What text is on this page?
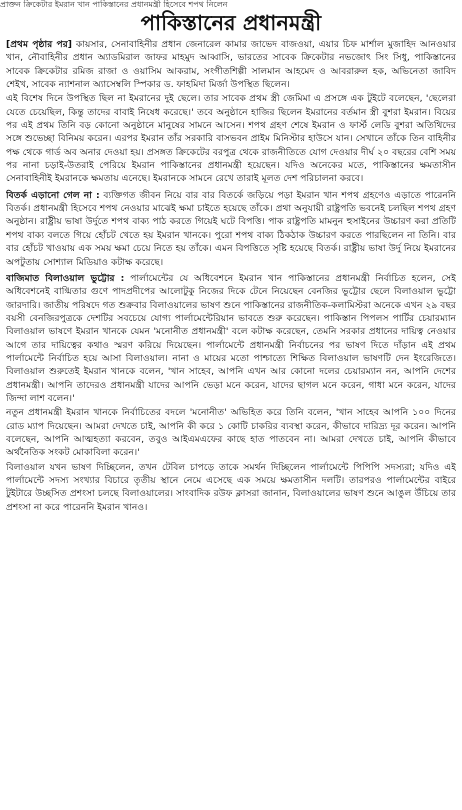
প্রাক্তন ক্রিকেটার ইমরান খান পাকিস্তানের প্রধানমন্ত্রী হিসেবে শপথ নিলেন
পাকিস্তানের প্রধানমন্ত্রী

[প্রথম পৃষ্ঠার পর] কায়সার, সেনাবাহিনীর প্রধান জেনারেল কামার জাভেদ বাজওয়া, এয়ার চিফ মার্শাল মুজাহিদ আনওয়ার খান, নৌবাহিনীর প্রধান অ্যাডমিরাল জাফর মাহমুদ আব্বাসি, ভারতের সাবেক ক্রিকেটার নভজোৎ সিং সিধু, পাকিস্তানের সাবেক ক্রিকেটার রমিজ রাজা ও ওয়াসিম আকরাম, সংগীতশিল্পী সালমান আহমেদ ও আবরারুল হক, অভিনেতা জাবিদ শেইখ, সাবেক ন্যাশনাল অ্যাসেম্বলি স্পিকার ড. ফাহমিদা মির্জা উপস্থিত ছিলেন।

এই বিশেষ দিনে উপস্থিত ছিল না ইমরানের দুই ছেলে। তার সাবেক প্রথম স্ত্রী জেমিমা এ প্রসঙ্গে এক টুইটে বলেছেন, 'ছেলেরা যেতে চেয়েছিল, কিন্তু তাদের বাবাই নিষেধ করেছে।' তবে অনুষ্ঠানে হাজির ছিলেন ইমরানের বর্তমান স্ত্রী বুশরা ইমরান। বিয়ের পর এই প্রথম তিনি বড় কোনো অনুষ্ঠানে মানুষের সামনে আসেন। শপথ গ্রহণ শেষে ইমরান ও ফার্স্ট লেডি বুশরা অতিথিদের সঙ্গে শুভেচ্ছা বিনিময় করেন। এরপর ইমরান তাঁর সরকারি বাসভবন প্রাইম মিনিস্টার হাউসে যান। সেখানে তাঁকে তিন বাহিনীর পক্ষ থেকে গার্ড অব অনার দেওয়া হয়। প্রসঙ্গত ক্রিকেটের বরপুত্র থেকে রাজনীতিতে যোগ দেওয়ার দীর্ঘ ২০ বছরের বেশি সময় পর নানা চড়াই-উতরাই পেরিয়ে ইমরান পাকিস্তানের প্রধানমন্ত্রী হয়েছেন। যদিও অনেকের মতে, পাকিস্তানের ক্ষমতাসীন সেনাবাহিনীই ইমরানকে ক্ষমতায় এনেছে। ইমরানকে সামনে রেখে তারাই মূলত দেশ পরিচালনা করবে।

বিতর্ক এড়ানো গেল না : ব্যক্তিগত জীবন নিয়ে বার বার বিতর্কে জড়িয়ে পড়া ইমরান খান শপথ গ্রহণেও এড়াতে পারেননি বিতর্ক। প্রধানমন্ত্রী হিসেবে শপথ নেওয়ার মাঝেই ক্ষমা চাইতে হয়েছে তাঁকে। প্রথা অনুযায়ী রাষ্ট্রপতি ভবনেই চলছিল শপথ গ্রহণ অনুষ্ঠান। রাষ্ট্রীয় ভাষা উর্দুতে শপথ বাক্য পাঠ করতে গিয়েই ঘটে বিপত্তি। পাক রাষ্ট্রপতি মামনুন হুসাইনের উচ্চারণ করা প্রতিটি শপথ বাক্য বলতে গিয়ে হোঁচট খেতে হয় ইমরান খানকে। পুরো শপথ বাক্য ঠিকঠাক উচ্চারণ করতে পারছিলেন না তিনি। বার বার হোঁচট খাওয়ায় এক সময় ক্ষমা চেয়ে নিতে হয় তাঁকে। এমন বিপত্তিতে সৃষ্টি হয়েছে বিতর্ক। রাষ্ট্রীয় ভাষা উর্দু নিয়ে ইমরানের অপটুতায় সোশ্যাল মিডিয়াও কটাক্ষ করেছে।

বাজিমাত বিলাওয়াল ভুট্টোর : পার্লামেন্টের যে অধিবেশনে ইমরান খান পাকিস্তানের প্রধানমন্ত্রী নির্বাচিত হলেন, সেই অধিবেশনেই বাগ্মিতার গুণে পাদপ্রদীপের আলোটুকু নিজের দিকে টেনে নিয়েছেন বেনজির ভুট্টোর ছেলে বিলাওয়াল ভুট্টো জারদারি। জাতীয় পরিষদে গত শুক্রবার বিলাওয়ালের ভাষণ শুনে পাকিস্তানের রাজনীতিক-কলামিস্টরা অনেকে এখন ২৯ বছর বয়সী বেনজিরপুত্রকে দেশটির সবচেয়ে যোগ্য পার্লামেন্টেরিয়ান ভাবতে শুরু করেছেন। পাকিস্তান পিপলস পার্টির চেয়ারম্যান বিলাওয়াল ভাষণে ইমরান খানকে যেমন 'মনোনীত প্রধানমন্ত্রী' বলে কটাক্ষ করেছেন, তেমনি সরকার প্রধানের দায়িত্ব নেওয়ার আগে তার দায়িত্বের কথাও স্মরণ করিয়ে দিয়েছেন। পার্লামেন্টে প্রধানমন্ত্রী নির্বাচনের পর ভাষণ দিতে দাঁড়ান এই প্রথম পার্লামেন্টে নির্বাচিত হয়ে আসা বিলাওয়াল। নানা ও মায়ের মতো পাশ্চাত্যে শিক্ষিত বিলাওয়াল ভাষণটি দেন ইংরেজিতে। বিলাওয়াল শুরুতেই ইমরান খানকে বলেন, 'খান সাহেব, আপনি এখন আর কোনো দলের চেয়ারম্যান নন, আপনি দেশের প্রধানমন্ত্রী। আপনি তাদেরও প্রধানমন্ত্রী যাদের আপনি ভেড়া মনে করেন, যাদের ছাগল মনে করেন, গাধা মনে করেন, যাদের জিন্দা লাশ বলেন।'

নতুন প্রধানমন্ত্রী ইমরান খানকে নির্বাচিতের বদলে 'মনোনীত' অভিহিত করে তিনি বলেন, 'খান সাহেব আপনি ১০০ দিনের রোড ম্যাপ দিয়েছেন। আমরা দেখতে চাই, আপনি কী করে ১ কোটি চাকরির ব্যবস্থা করেন, কীভাবে দারিদ্র্য দূর করেন। আপনি বলেছেন, আপনি আত্মহত্যা করবেন, তবুও আইএমএফের কাছে হাত পাতবেন না। আমরা দেখতে চাই, আপনি কীভাবে অর্থনৈতিক সংকট মোকাবিলা করেন।'

বিলাওয়াল যখন ভাষণ দিচ্ছিলেন, তখন টেবিল চাপড়ে তাকে সমর্থন দিচ্ছিলেন পার্লামেন্টে পিপিপি সদস্যরা; যদিও এই পার্লামেন্টে সদস্য সংখ্যার বিচারে তৃতীয় স্থানে নেমে এসেছে এক সময়ে ক্ষমতাসীন দলটি। তারপরও পার্লামেন্টের বাইরে টুইটারে উচ্ছসিত প্রশংসা চলছে বিলাওয়ালের। সাংবাদিক রউফ ক্লাসরা জানান, বিলাওয়ালের ভাষণ শুনে আঙুল উঁচিয়ে তার প্রশংসা না করে পারেননি ইমরান খানও।
